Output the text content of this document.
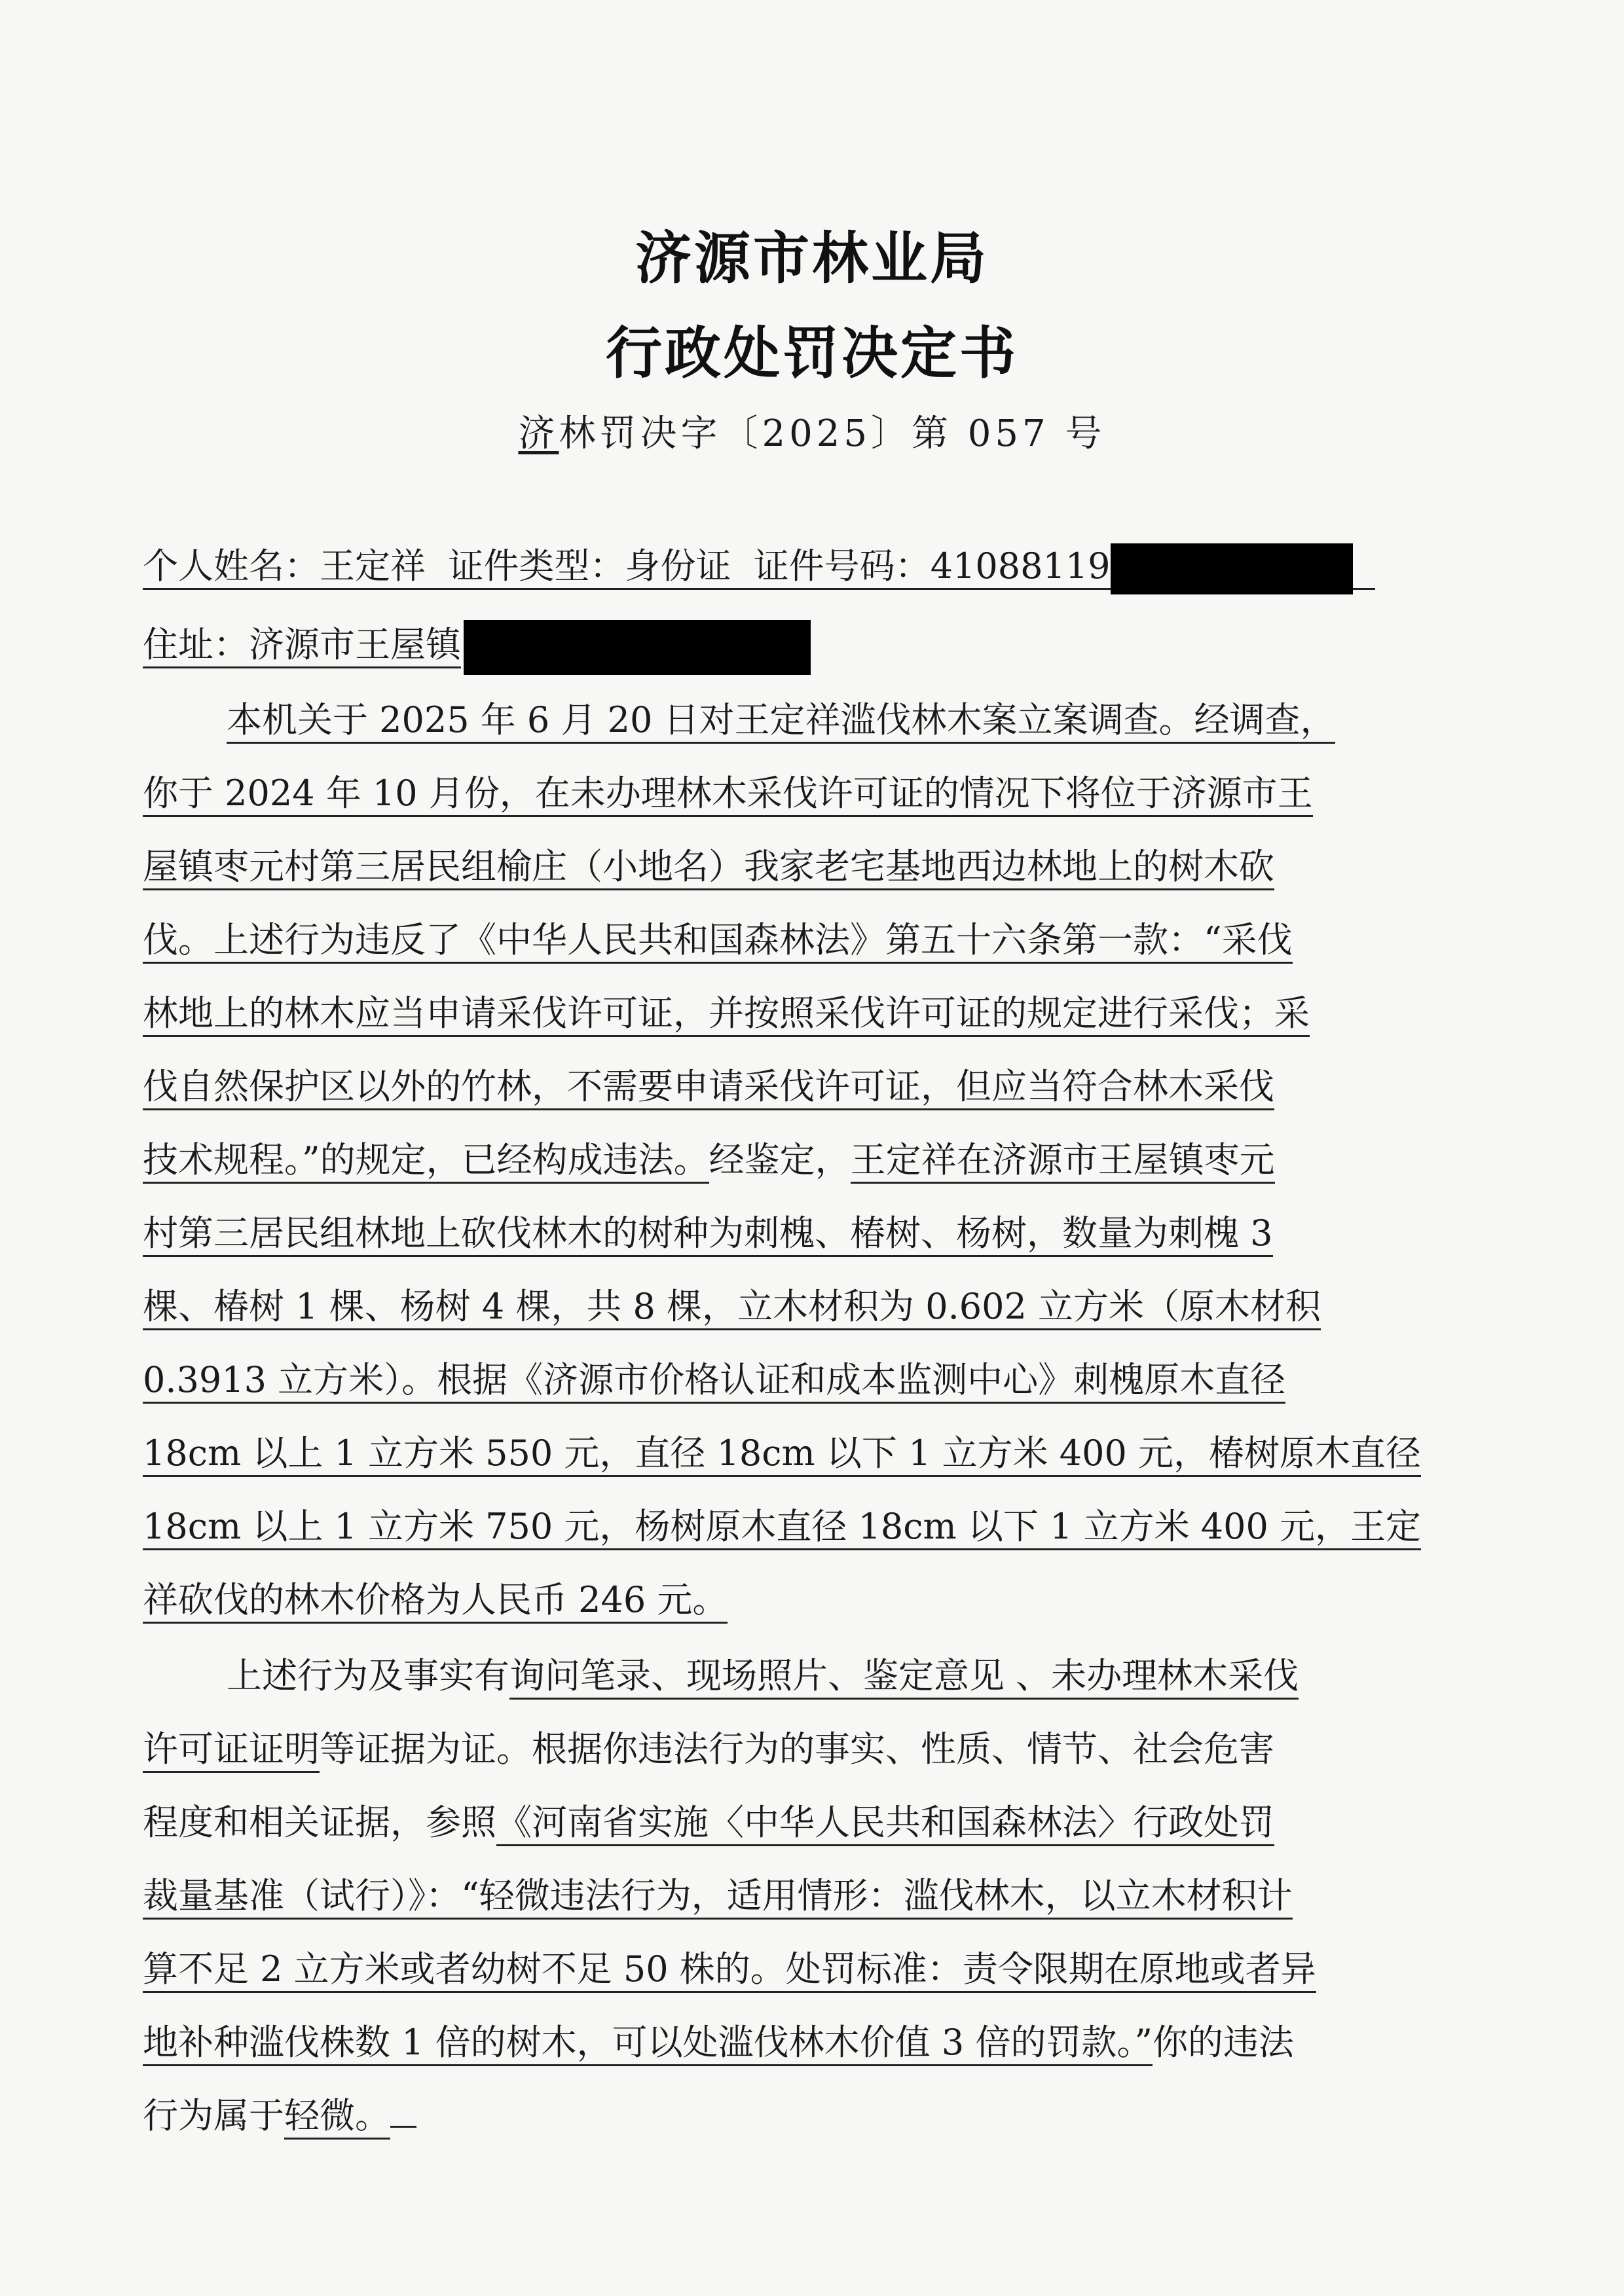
济源市林业局
行政处罚决定书
济林罚决字〔2025〕第 057 号
个人姓名：王定祥 证件类型：身份证 证件号码：41088119
住址：济源市王屋镇
本机关于 2025 年 6 月 20 日对王定祥滥伐林木案立案调查。经调查，
你于 2024 年 10 月份，在未办理林木采伐许可证的情况下将位于济源市王
屋镇枣元村第三居民组榆庄（小地名）我家老宅基地西边林地上的树木砍
伐。上述行为违反了《中华人民共和国森林法》第五十六条第一款：“采伐
林地上的林木应当申请采伐许可证，并按照采伐许可证的规定进行采伐；采
伐自然保护区以外的竹林，不需要申请采伐许可证，但应当符合林木采伐
技术规程。”的规定，已经构成违法。经鉴定，王定祥在济源市王屋镇枣元
村第三居民组林地上砍伐林木的树种为刺槐、椿树、杨树，数量为刺槐 3
棵、椿树 1 棵、杨树 4 棵，共 8 棵，立木材积为 0.602 立方米（原木材积
0.3913 立方米）。根据《济源市价格认证和成本监测中心》刺槐原木直径
18cm 以上 1 立方米 550 元，直径 18cm 以下 1 立方米 400 元，椿树原木直径
18cm 以上 1 立方米 750 元，杨树原木直径 18cm 以下 1 立方米 400 元，王定
祥砍伐的林木价格为人民币 246 元。
上述行为及事实有询问笔录、现场照片、鉴定意见 、未办理林木采伐
许可证证明等证据为证。根据你违法行为的事实、性质、情节、社会危害
程度和相关证据，参照《河南省实施〈中华人民共和国森林法〉行政处罚
裁量基准（试行）》：“轻微违法行为，适用情形：滥伐林木，以立木材积计
算不足 2 立方米或者幼树不足 50 株的。处罚标准：责令限期在原地或者异
地补种滥伐株数 1 倍的树木，可以处滥伐林木价值 3 倍的罚款。”你的违法
行为属于轻微。
